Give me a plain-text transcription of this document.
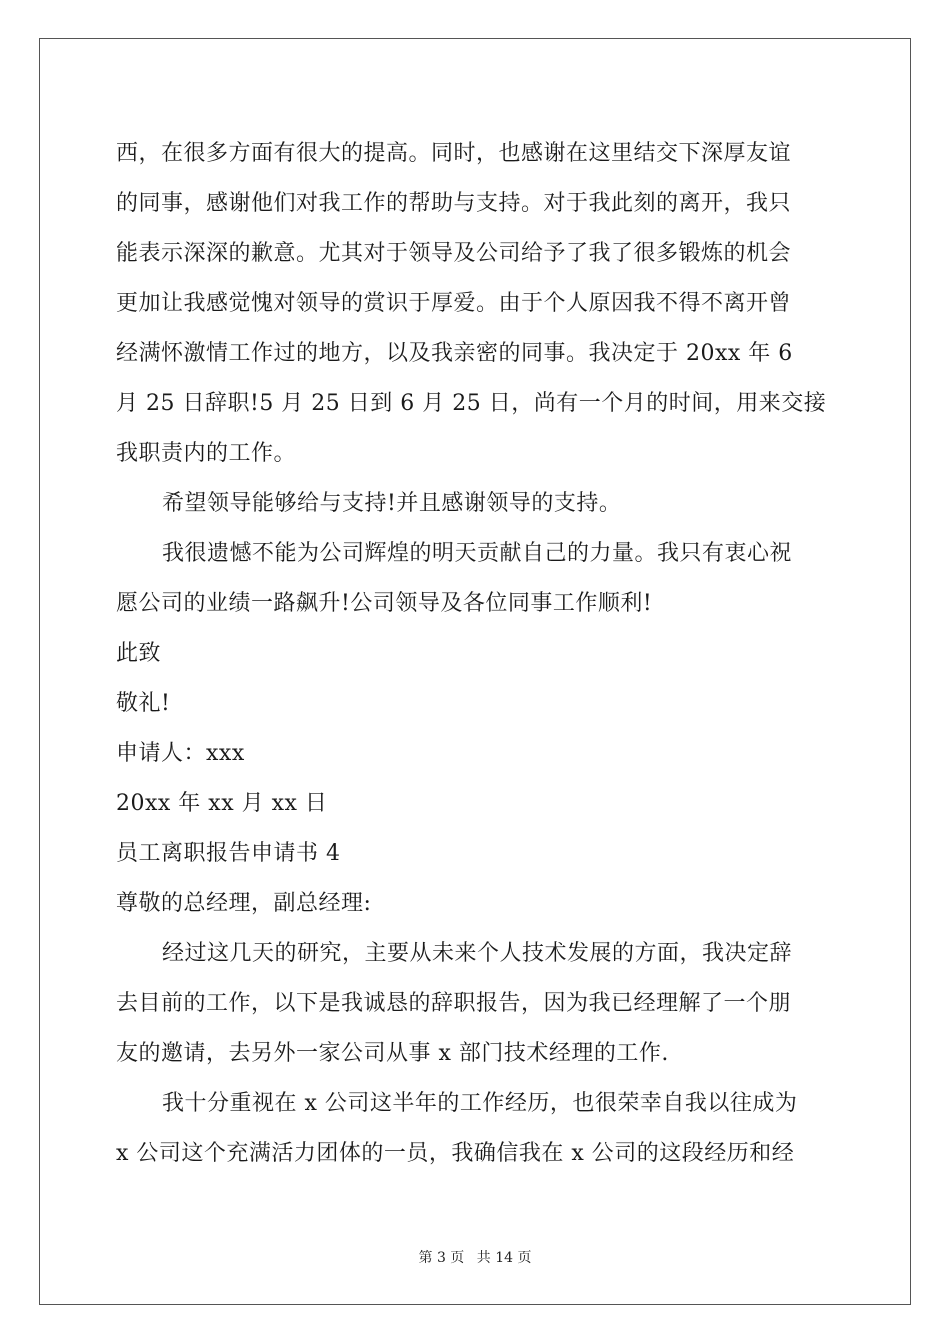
西，在很多方面有很大的提高。同时，也感谢在这里结交下深厚友谊
的同事，感谢他们对我工作的帮助与支持。对于我此刻的离开，我只
能表示深深的歉意。尤其对于领导及公司给予了我了很多锻炼的机会
更加让我感觉愧对领导的赏识于厚爱。由于个人原因我不得不离开曾
经满怀激情工作过的地方，以及我亲密的同事。我决定于 20xx 年 6
月 25 日辞职!5 月 25 日到 6 月 25 日，尚有一个月的时间，用来交接
我职责内的工作。
希望领导能够给与支持!并且感谢领导的支持。
我很遗憾不能为公司辉煌的明天贡献自己的力量。我只有衷心祝
愿公司的业绩一路飙升!公司领导及各位同事工作顺利!
此致
敬礼!
申请人：xxx
20xx 年 xx 月 xx 日
员工离职报告申请书 4
尊敬的总经理，副总经理:
经过这几天的研究，主要从未来个人技术发展的方面，我决定辞
去目前的工作，以下是我诚恳的辞职报告，因为我已经理解了一个朋
友的邀请，去另外一家公司从事 x 部门技术经理的工作.
我十分重视在 x 公司这半年的工作经历，也很荣幸自我以往成为
x 公司这个充满活力团体的一员，我确信我在 x 公司的这段经历和经
第 3 页 共 14 页
